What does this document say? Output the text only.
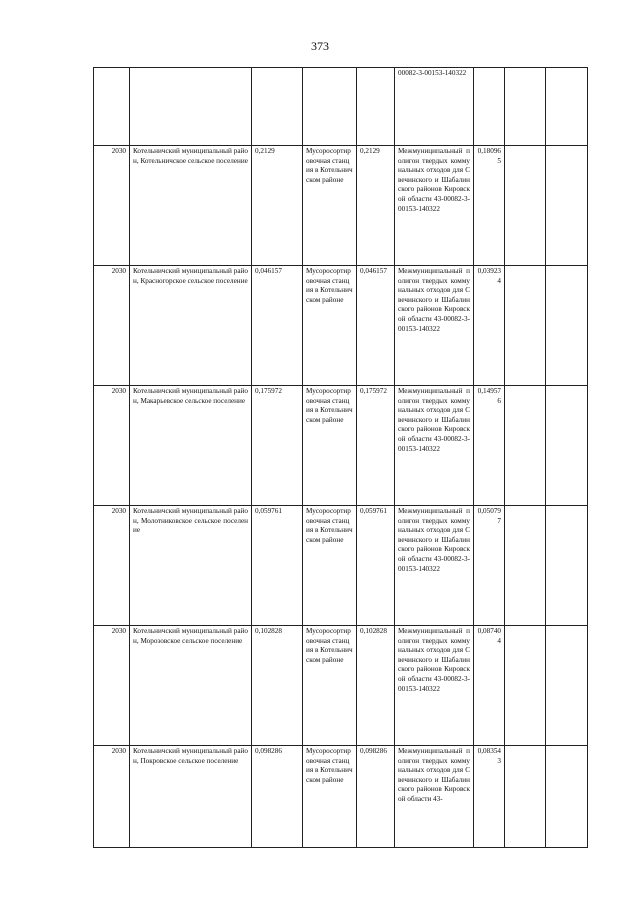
373
					00082-3-00153-140322			
2030	Котельничский муниципальный район, Котельничское сельское поселение	0,2129	Мусоросортировочная станция в Котельничском районе	0,2129	Межмуниципальный полигон твердых коммунальных отходов для Свечинского и Шабалинского районов Кировской области 43-00082-3-00153-140322	0,180965		
2030	Котельничский муниципальный район, Красногорское сельское поселение	0,046157	Мусоросортировочная станция в Котельничском районе	0,046157	Межмуниципальный полигон твердых коммунальных отходов для Свечинского и Шабалинского районов Кировской области 43-00082-3-00153-140322	0,039234		
2030	Котельничский муниципальный район, Макарьевское сельское поселение	0,175972	Мусоросортировочная станция в Котельничском районе	0,175972	Межмуниципальный полигон твердых коммунальных отходов для Свечинского и Шабалинского районов Кировской области 43-00082-3-00153-140322	0,149576		
2030	Котельничский муниципальный район, Молотниковское сельское поселение	0,059761	Мусоросортировочная станция в Котельничском районе	0,059761	Межмуниципальный полигон твердых коммунальных отходов для Свечинского и Шабалинского районов Кировской области 43-00082-3-00153-140322	0,050797		
2030	Котельничский муниципальный район, Морозовское сельское поселение	0,102828	Мусоросортировочная станция в Котельничском районе	0,102828	Межмуниципальный полигон твердых коммунальных отходов для Свечинского и Шабалинского районов Кировской области 43-00082-3-00153-140322	0,087404		
2030	Котельничский муниципальный район, Покровское сельское поселение	0,098286	Мусоросортировочная станция в Котельничском районе	0,098286	Межмуниципальный полигон твердых коммунальных отходов для Свечинского и Шабалинского районов Кировской области 43-	0,083543		
